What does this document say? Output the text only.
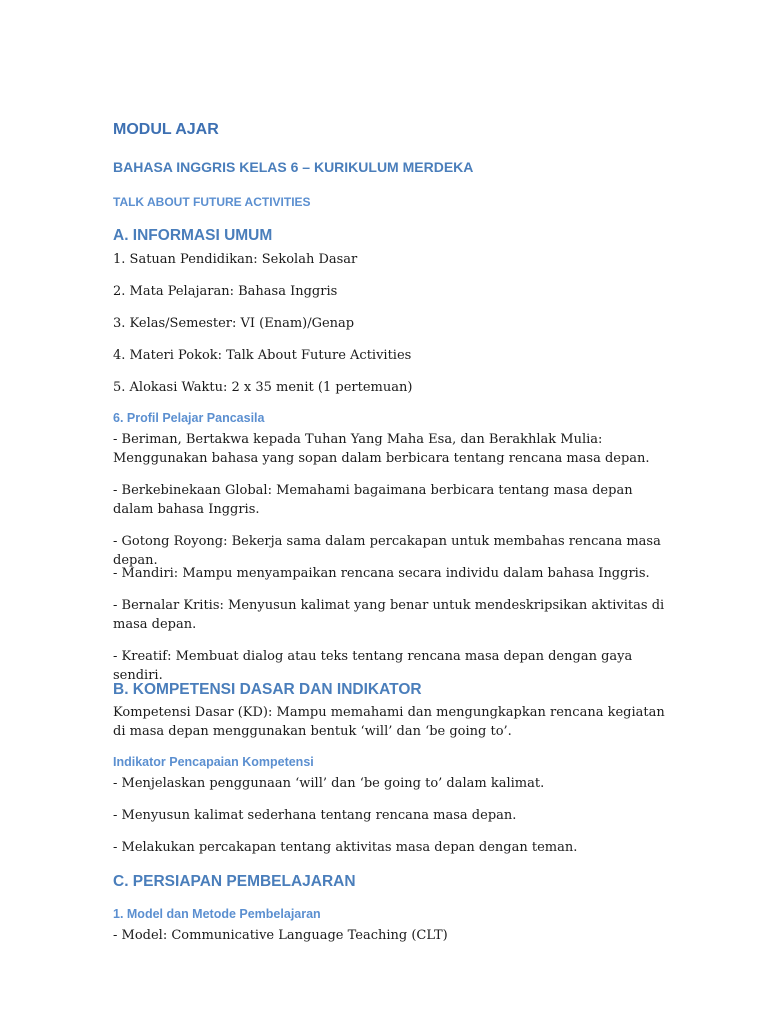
MODUL AJAR
BAHASA INGGRIS KELAS 6 – KURIKULUM MERDEKA
TALK ABOUT FUTURE ACTIVITIES
A. INFORMASI UMUM

1. Satuan Pendidikan: Sekolah Dasar

2. Mata Pelajaran: Bahasa Inggris

3. Kelas/Semester: VI (Enam)/Genap

4. Materi Pokok: Talk About Future Activities

5. Alokasi Waktu: 2 x 35 menit (1 pertemuan)

6. Profil Pelajar Pancasila

- Beriman, Bertakwa kepada Tuhan Yang Maha Esa, dan Berakhlak Mulia: Menggunakan bahasa yang sopan dalam berbicara tentang rencana masa depan.

- Berkebinekaan Global: Memahami bagaimana berbicara tentang masa depan dalam bahasa Inggris.

- Gotong Royong: Bekerja sama dalam percakapan untuk membahas rencana masa depan.

- Mandiri: Mampu menyampaikan rencana secara individu dalam bahasa Inggris.

- Bernalar Kritis: Menyusun kalimat yang benar untuk mendeskripsikan aktivitas di masa depan.

- Kreatif: Membuat dialog atau teks tentang rencana masa depan dengan gaya sendiri.

B. KOMPETENSI DASAR DAN INDIKATOR

Kompetensi Dasar (KD): Mampu memahami dan mengungkapkan rencana kegiatan di masa depan menggunakan bentuk ‘will’ dan ‘be going to’.

Indikator Pencapaian Kompetensi

- Menjelaskan penggunaan ‘will’ dan ‘be going to’ dalam kalimat.

- Menyusun kalimat sederhana tentang rencana masa depan.

- Melakukan percakapan tentang aktivitas masa depan dengan teman.

C. PERSIAPAN PEMBELAJARAN
1. Model dan Metode Pembelajaran

- Model: Communicative Language Teaching (CLT)
